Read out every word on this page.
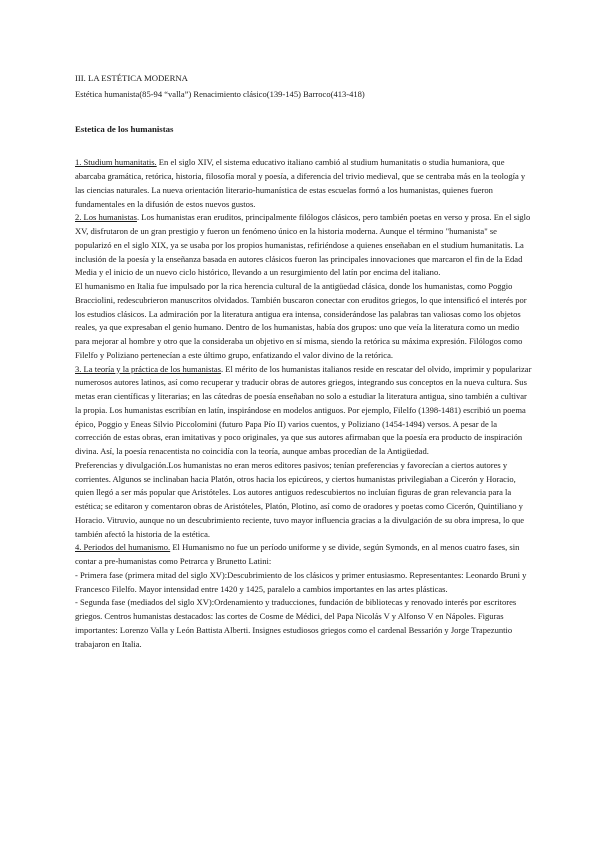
III. LA ESTÉTICA MODERNA

Estética humanista(85-94 “valla”) Renacimiento clásico(139-145) Barroco(413-418)

Estetica de los humanistas

1. Studium humanitatis. En el siglo XIV, el sistema educativo italiano cambió al studium humanitatis o studia humaniora, que abarcaba gramática, retórica, historia, filosofía moral y poesía, a diferencia del trivio medieval, que se centraba más en la teología y las ciencias naturales. La nueva orientación literario-humanística de estas escuelas formó a los humanistas, quienes fueron fundamentales en la difusión de estos nuevos gustos.

2. Los humanistas. Los humanistas eran eruditos, principalmente filólogos clásicos, pero también poetas en verso y prosa. En el siglo XV, disfrutaron de un gran prestigio y fueron un fenómeno único en la historia moderna. Aunque el término "humanista" se popularizó en el siglo XIX, ya se usaba por los propios humanistas, refiriéndose a quienes enseñaban en el studium humanitatis. La inclusión de la poesía y la enseñanza basada en autores clásicos fueron las principales innovaciones que marcaron el fin de la Edad Media y el inicio de un nuevo ciclo histórico, llevando a un resurgimiento del latín por encima del italiano.

El humanismo en Italia fue impulsado por la rica herencia cultural de la antigüedad clásica, donde los humanistas, como Poggio Bracciolini, redescubrieron manuscritos olvidados. También buscaron conectar con eruditos griegos, lo que intensificó el interés por los estudios clásicos. La admiración por la literatura antigua era intensa, considerándose las palabras tan valiosas como los objetos reales, ya que expresaban el genio humano. Dentro de los humanistas, había dos grupos: uno que veía la literatura como un medio para mejorar al hombre y otro que la consideraba un objetivo en sí misma, siendo la retórica su máxima expresión. Filólogos como Filelfo y Poliziano pertenecían a este último grupo, enfatizando el valor divino de la retórica.

3. La teoría y la práctica de los humanistas. El mérito de los humanistas italianos reside en rescatar del olvido, imprimir y popularizar numerosos autores latinos, así como recuperar y traducir obras de autores griegos, integrando sus conceptos en la nueva cultura. Sus metas eran científicas y literarias; en las cátedras de poesía enseñaban no solo a estudiar la literatura antigua, sino también a cultivar la propia. Los humanistas escribían en latín, inspirándose en modelos antiguos. Por ejemplo, Filelfo (1398-1481) escribió un poema épico, Poggio y Eneas Silvio Piccolomini (futuro Papa Pío II) varios cuentos, y Poliziano (1454-1494) versos. A pesar de la corrección de estas obras, eran imitativas y poco originales, ya que sus autores afirmaban que la poesía era producto de inspiración divina. Así, la poesía renacentista no coincidía con la teoría, aunque ambas procedían de la Antigüedad.

Preferencias y divulgación.Los humanistas no eran meros editores pasivos; tenían preferencias y favorecían a ciertos autores y corrientes. Algunos se inclinaban hacia Platón, otros hacia los epicúreos, y ciertos humanistas privilegiaban a Cicerón y Horacio, quien llegó a ser más popular que Aristóteles. Los autores antiguos redescubiertos no incluían figuras de gran relevancia para la estética; se editaron y comentaron obras de Aristóteles, Platón, Plotino, así como de oradores y poetas como Cicerón, Quintiliano y Horacio. Vitruvio, aunque no un descubrimiento reciente, tuvo mayor influencia gracias a la divulgación de su obra impresa, lo que también afectó la historia de la estética.

4. Periodos del humanismo. El Humanismo no fue un período uniforme y se divide, según Symonds, en al menos cuatro fases, sin contar a pre-humanistas como Petrarca y Brunetto Latini:

- Primera fase (primera mitad del siglo XV):Descubrimiento de los clásicos y primer entusiasmo. Representantes: Leonardo Bruni y Francesco Filelfo. Mayor intensidad entre 1420 y 1425, paralelo a cambios importantes en las artes plásticas.

- Segunda fase (mediados del siglo XV):Ordenamiento y traducciones, fundación de bibliotecas y renovado interés por escritores griegos. Centros humanistas destacados: las cortes de Cosme de Médici, del Papa Nicolás V y Alfonso V en Nápoles. Figuras importantes: Lorenzo Valla y León Battista Alberti. Insignes estudiosos griegos como el cardenal Bessarión y Jorge Trapezuntio trabajaron en Italia.
